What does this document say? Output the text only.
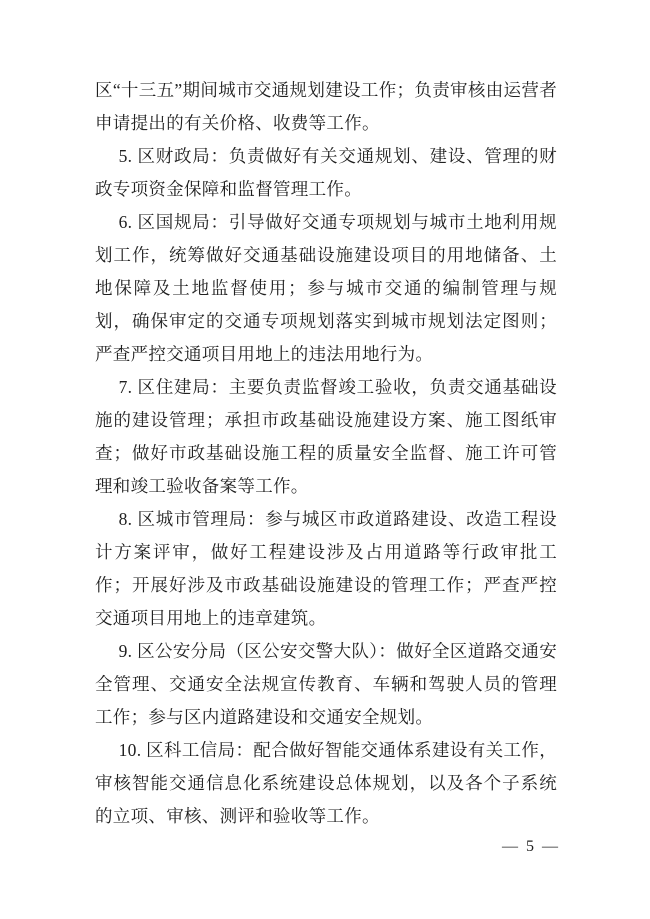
区“十三五”期间城市交通规划建设工作；负责审核由运营者申请提出的有关价格、收费等工作。

5. 区财政局：负责做好有关交通规划、建设、管理的财政专项资金保障和监督管理工作。

6. 区国规局：引导做好交通专项规划与城市土地利用规划工作，统筹做好交通基础设施建设项目的用地储备、土地保障及土地监督使用；参与城市交通的编制管理与规划，确保审定的交通专项规划落实到城市规划法定图则；严查严控交通项目用地上的违法用地行为。

7. 区住建局：主要负责监督竣工验收，负责交通基础设施的建设管理；承担市政基础设施建设方案、施工图纸审查；做好市政基础设施工程的质量安全监督、施工许可管理和竣工验收备案等工作。

8. 区城市管理局：参与城区市政道路建设、改造工程设计方案评审，做好工程建设涉及占用道路等行政审批工作；开展好涉及市政基础设施建设的管理工作；严查严控交通项目用地上的违章建筑。

9. 区公安分局（区公安交警大队）：做好全区道路交通安全管理、交通安全法规宣传教育、车辆和驾驶人员的管理工作；参与区内道路建设和交通安全规划。

10. 区科工信局：配合做好智能交通体系建设有关工作，审核智能交通信息化系统建设总体规划，以及各个子系统的立项、审核、测评和验收等工作。

— 5 —
